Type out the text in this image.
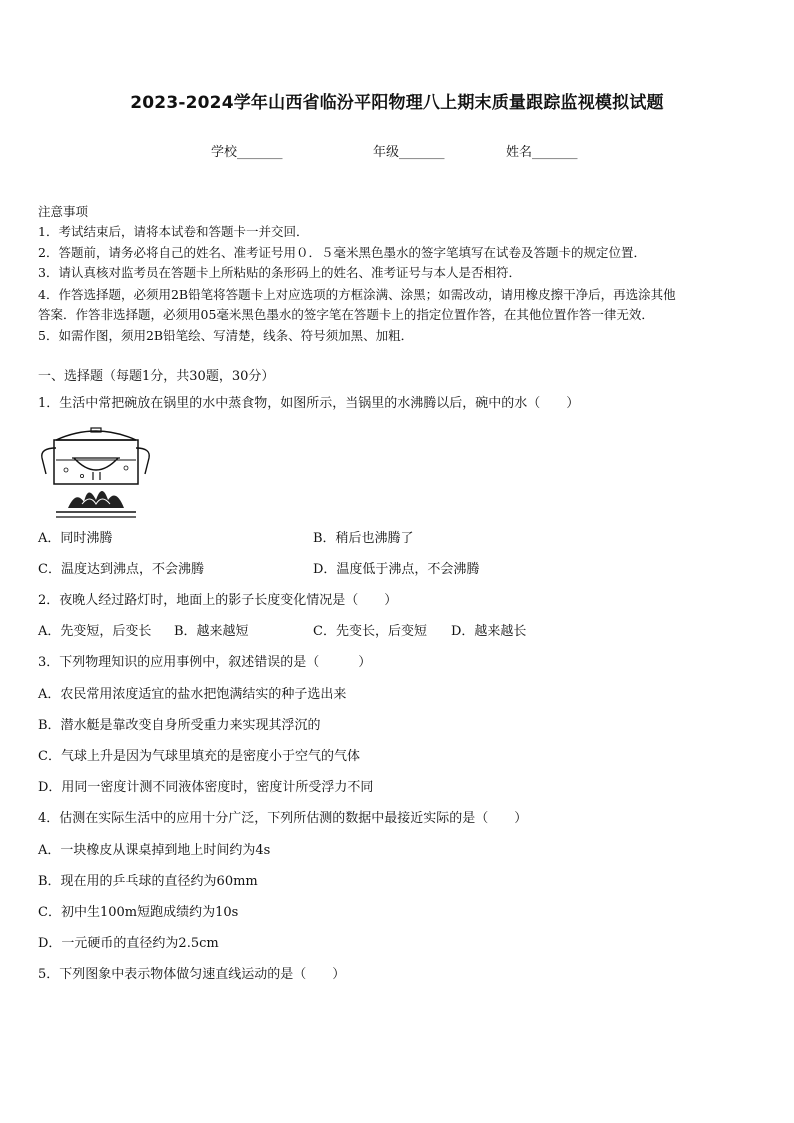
2023-2024学年山西省临汾平阳物理八上期末质量跟踪监视模拟试题
学校_______	年级_______	姓名_______
注意事项
1．考试结束后，请将本试卷和答题卡一并交回．
2．答题前，请务必将自己的姓名、准考证号用０．５毫米黑色墨水的签字笔填写在试卷及答题卡的规定位置．
3．请认真核对监考员在答题卡上所粘贴的条形码上的姓名、准考证号与本人是否相符．
4．作答选择题，必须用2B铅笔将答题卡上对应选项的方框涂满、涂黑；如需改动，请用橡皮擦干净后，再选涂其他
答案．作答非选择题，必须用05毫米黑色墨水的签字笔在答题卡上的指定位置作答，在其他位置作答一律无效．
5．如需作图，须用2B铅笔绘、写清楚，线条、符号须加黑、加粗．
一、选择题（每题1分，共30题，30分）
1．生活中常把碗放在锅里的水中蒸食物，如图所示，当锅里的水沸腾以后，碗中的水（　　）
A．同时沸腾	B．稍后也沸腾了
C．温度达到沸点，不会沸腾	D．温度低于沸点，不会沸腾
2．夜晚人经过路灯时，地面上的影子长度变化情况是（　　）
A．先变短，后变长 B．越来越短	C．先变长，后变短 D．越来越长
3．下列物理知识的应用事例中，叙述错误的是（　　　）
A．农民常用浓度适宜的盐水把饱满结实的种子选出来
B．潜水艇是靠改变自身所受重力来实现其浮沉的
C．气球上升是因为气球里填充的是密度小于空气的气体
D．用同一密度计测不同液体密度时，密度计所受浮力不同
4．估测在实际生活中的应用十分广泛，下列所估测的数据中最接近实际的是（　　）
A．一块橡皮从课桌掉到地上时间约为4s
B．现在用的乒乓球的直径约为60mm
C．初中生100m短跑成绩约为10s
D．一元硬币的直径约为2.5cm
5．下列图象中表示物体做匀速直线运动的是（　　）
